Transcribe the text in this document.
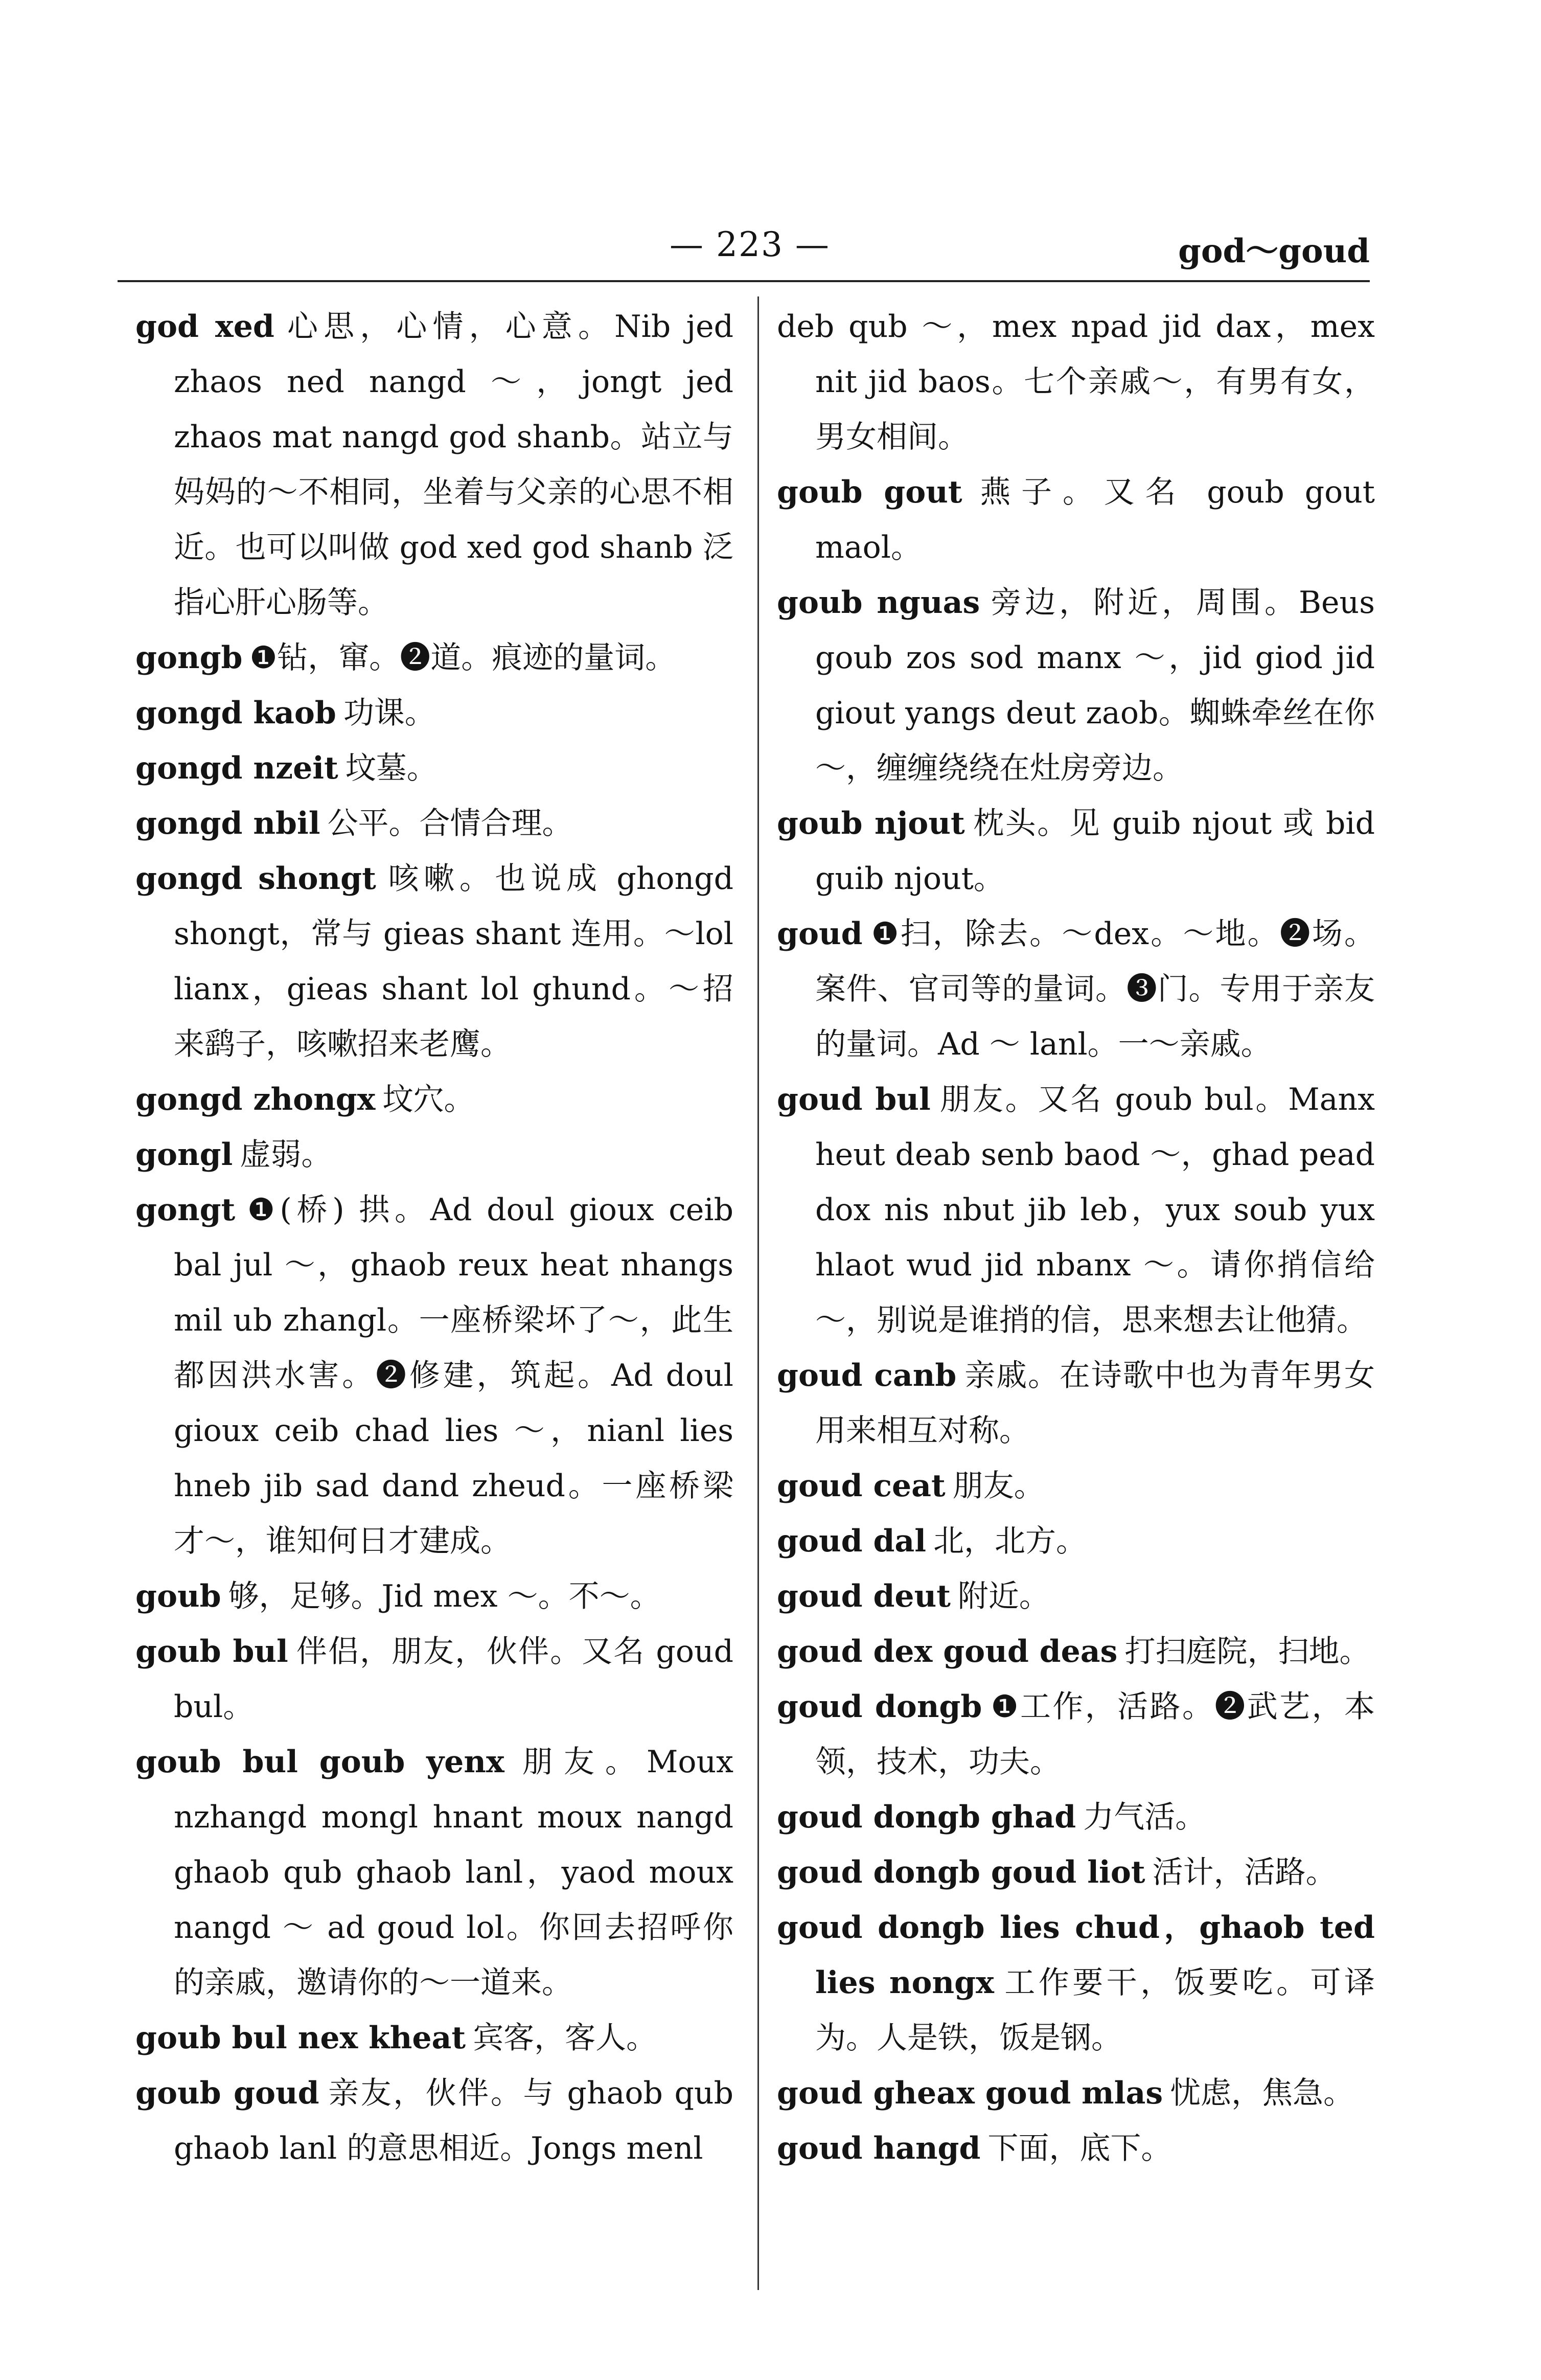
— 223 —	god～goud

god xed 心思，心情，心意。Nib jed zhaos ned nangd ～，jongt jed zhaos mat nangd god shanb。站立与妈妈的～不相同，坐着与父亲的心思不相近。也可以叫做 god xed god shanb 泛指心肝心肠等。

gongb ❶钻，窜。❷道。痕迹的量词。

gongd kaob 功课。

gongd nzeit 坟墓。

gongd nbil 公平。合情合理。

gongd shongt 咳嗽。也说成 ghongd shongt，常与 gieas shant 连用。～lol lianx，gieas shant lol ghund。～招来鹞子，咳嗽招来老鹰。

gongd zhongx 坟穴。

gongl 虚弱。

gongt ❶(桥) 拱。Ad doul gioux ceib bal jul ～，ghaob reux heat nhangs mil ub zhangl。一座桥梁坏了～，此生都因洪水害。❷修建，筑起。Ad doul gioux ceib chad lies ～，nianl lies hneb jib sad dand zheud。一座桥梁才～，谁知何日才建成。

goub 够，足够。Jid mex ～。不～。

goub bul 伴侣，朋友，伙伴。又名 goud bul。

goub bul goub yenx 朋友。Moux nzhangd mongl hnant moux nangd ghaob qub ghaob lanl，yaod moux nangd ～ ad goud lol。你回去招呼你的亲戚，邀请你的～一道来。

goub bul nex kheat 宾客，客人。

goub goud 亲友，伙伴。与 ghaob qub ghaob lanl 的意思相近。Jongs menl

deb qub ～，mex npad jid dax，mex nit jid baos。七个亲戚～，有男有女，男女相间。

goub gout 燕子。又名 goub gout maol。

goub nguas 旁边，附近，周围。Beus goub zos sod manx ～，jid giod jid giout yangs deut zaob。蜘蛛牵丝在你～，缠缠绕绕在灶房旁边。

goub njout 枕头。见 guib njout 或 bid guib njout。

goud ❶扫，除去。～dex。～地。❷场。案件、官司等的量词。❸门。专用于亲友的量词。Ad ～ lanl。一～亲戚。

goud bul 朋友。又名 goub bul。Manx heut deab senb baod ～，ghad pead dox nis nbut jib leb，yux soub yux hlaot wud jid nbanx ～。请你捎信给～，别说是谁捎的信，思来想去让他猜。

goud canb 亲戚。在诗歌中也为青年男女用来相互对称。

goud ceat 朋友。

goud dal 北，北方。

goud deut 附近。

goud dex goud deas 打扫庭院，扫地。

goud dongb ❶工作，活路。❷武艺，本领，技术，功夫。

goud dongb ghad 力气活。

goud dongb goud liot 活计，活路。

goud dongb lies chud，ghaob ted lies nongx 工作要干，饭要吃。可译为。人是铁，饭是钢。

goud gheax goud mlas 忧虑，焦急。

goud hangd 下面，底下。
